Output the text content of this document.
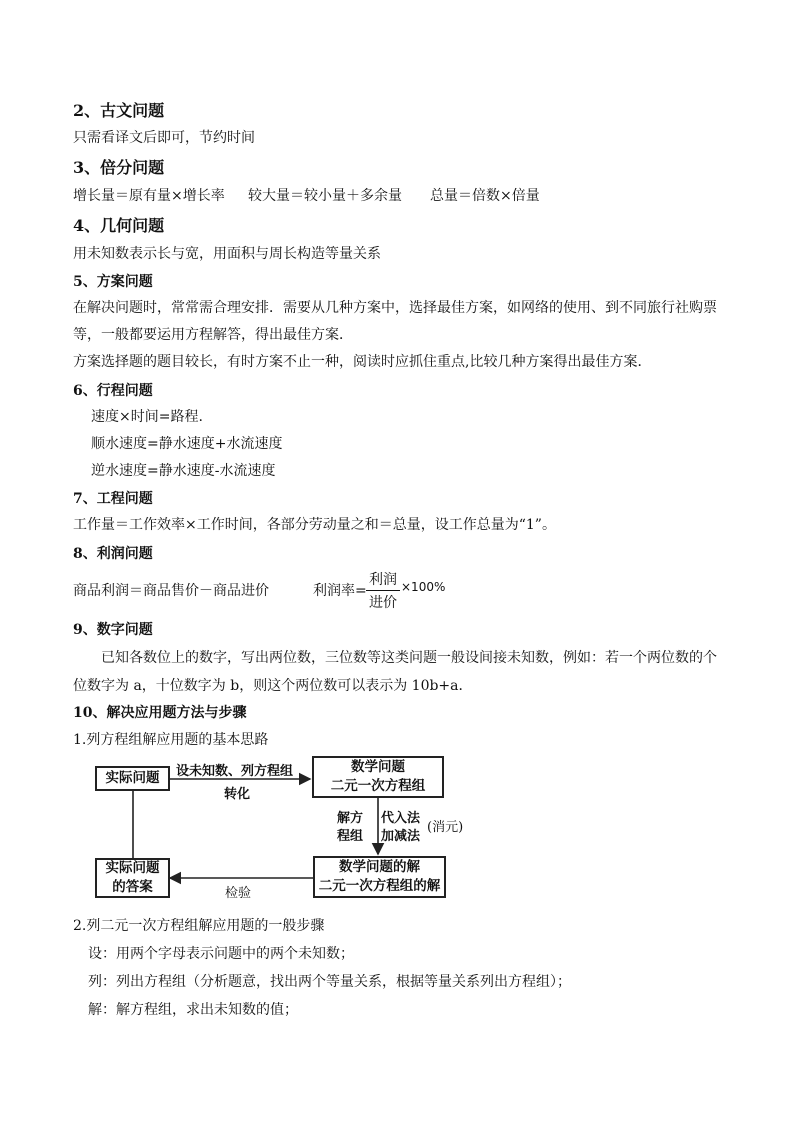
2、古文问题
只需看译文后即可，节约时间
3、倍分问题
增长量＝原有量×增长率 较大量＝较小量＋多余量 总量＝倍数×倍量
4、几何问题
用未知数表示长与宽，用面积与周长构造等量关系
5、方案问题
在解决问题时，常常需合理安排．需要从几种方案中，选择最佳方案，如网络的使用、到不同旅行社购票
等，一般都要运用方程解答，得出最佳方案．
方案选择题的题目较长，有时方案不止一种，阅读时应抓住重点,比较几种方案得出最佳方案．
6、行程问题
速度×时间=路程.
顺水速度=静水速度+水流速度
逆水速度=静水速度-水流速度
7、工程问题
工作量＝工作效率×工作时间，各部分劳动量之和＝总量，设工作总量为“1”。
8、利润问题
商品利润＝商品售价－商品进价	利润率=
利润
进价
×100%
9、数字问题
已知各数位上的数字，写出两位数，三位数等这类问题一般设间接未知数，例如：若一个两位数的个
位数字为 a，十位数字为 b，则这个两位数可以表示为 10b+a．
10、解决应用题方法与步骤
1.列方程组解应用题的基本思路
实际问题
数学问题
二元一次方程组
数学问题的解
二元一次方程组的解
实际问题
的答案
设未知数、列方程组
转化
解方
程组
代入法
加减法
(消元)
检验
2.列二元一次方程组解应用题的一般步骤
设：用两个字母表示问题中的两个未知数；
列：列出方程组（分析题意，找出两个等量关系，根据等量关系列出方程组）；
解：解方程组，求出未知数的值；
